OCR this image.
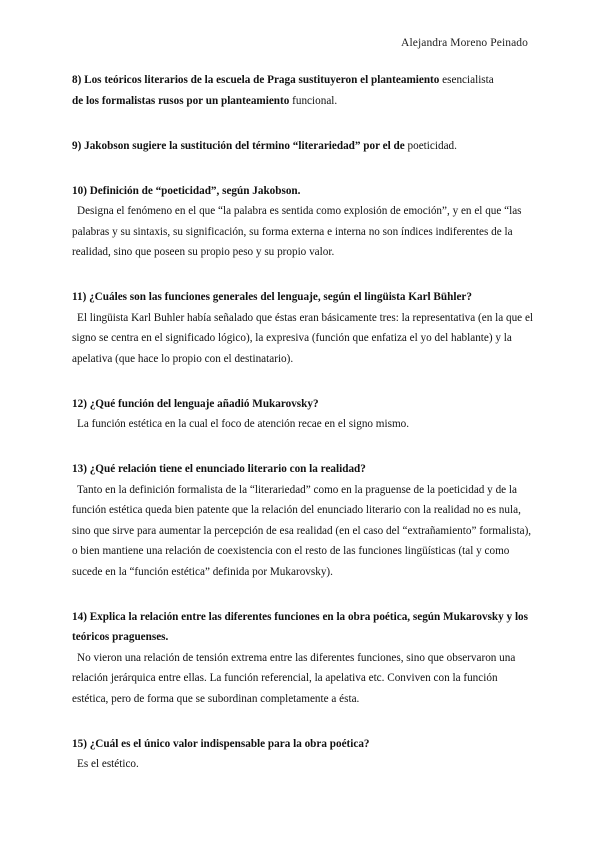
Alejandra Moreno Peinado

8) Los teóricos literarios de la escuela de Praga sustituyeron el planteamiento esencialista
de los formalistas rusos por un planteamiento funcional.

9) Jakobson sugiere la sustitución del término “literariedad” por el de poeticidad.

10) Definición de “poeticidad”, según Jakobson.

Designa el fenómeno en el que “la palabra es sentida como explosión de emoción”, y en el que “las palabras y su sintaxis, su significación, su forma externa e interna no son índices indiferentes de la realidad, sino que poseen su propio peso y su propio valor.

11) ¿Cuáles son las funciones generales del lenguaje, según el lingüista Karl Bühler?

El lingüista Karl Buhler había señalado que éstas eran básicamente tres: la representativa (en la que el signo se centra en el significado lógico), la expresiva (función que enfatiza el yo del hablante) y la apelativa (que hace lo propio con el destinatario).

12) ¿Qué función del lenguaje añadió Mukarovsky?

La función estética en la cual el foco de atención recae en el signo mismo.

13) ¿Qué relación tiene el enunciado literario con la realidad?

Tanto en la definición formalista de la “literariedad” como en la praguense de la poeticidad y de la función estética queda bien patente que la relación del enunciado literario con la realidad no es nula, sino que sirve para aumentar la percepción de esa realidad (en el caso del “extrañamiento” formalista), o bien mantiene una relación de coexistencia con el resto de las funciones lingüísticas (tal y como sucede en la “función estética” definida por Mukarovsky).

14) Explica la relación entre las diferentes funciones en la obra poética, según Mukarovsky y los teóricos praguenses.

No vieron una relación de tensión extrema entre las diferentes funciones, sino que observaron una relación jerárquica entre ellas. La función referencial, la apelativa etc. Conviven con la función estética, pero de forma que se subordinan completamente a ésta.

15) ¿Cuál es el único valor indispensable para la obra poética?

Es el estético.
